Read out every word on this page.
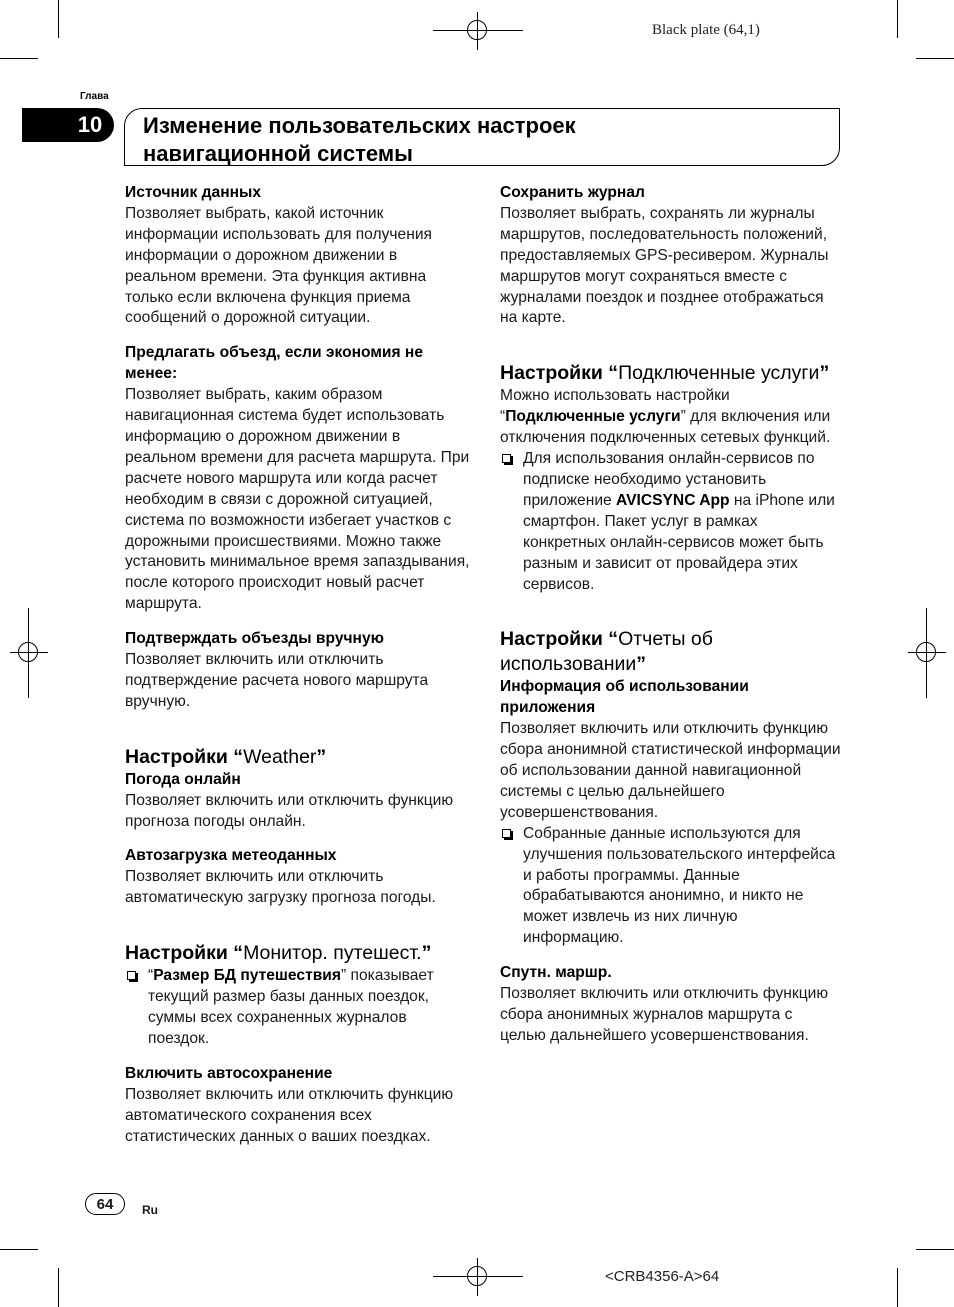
Black plate (64,1)
Глава
10	Изменение пользовательских настроек
навигационной системы

Источник данных

Позволяет выбрать, какой источник информации использовать для получения информации о дорожном движении в реальном времени. Эта функция активна только если включена функция приема сообщений о дорожной ситуации.

Предлагать объезд, если экономия не менее:

Позволяет выбрать, каким образом навигационная система будет использовать информацию о дорожном движении в реальном времени для расчета маршрута. При расчете нового маршрута или когда расчет необходим в связи с дорожной ситуацией, система по возможности избегает участков с дорожными происшествиями. Можно также установить минимальное время запаздывания, после которого происходит новый расчет маршрута.

Подтверждать объезды вручную

Позволяет включить или отключить подтверждение расчета нового маршрута вручную.

Настройки “Weather”

Погода онлайн

Позволяет включить или отключить функцию прогноза погоды онлайн.

Автозагрузка метеоданных

Позволяет включить или отключить автоматическую загрузку прогноза погоды.

Настройки “Монитор. путешест.”

“Размер БД путешествия” показывает текущий размер базы данных поездок, суммы всех сохраненных журналов поездок.

Включить автосохранение

Позволяет включить или отключить функцию автоматического сохранения всех статистических данных о ваших поездках.

Сохранить журнал

Позволяет выбрать, сохранять ли журналы маршрутов, последовательность положений, предоставляемых GPS-ресивером. Журналы маршрутов могут сохраняться вместе с журналами поездок и позднее отображаться на карте.

Настройки “Подключенные услуги”

Можно использовать настройки “Подключенные услуги” для включения или отключения подключенных сетевых функций.

Для использования онлайн-сервисов по подписке необходимо установить приложение AVICSYNC App на iPhone или смартфон. Пакет услуг в рамках конкретных онлайн-сервисов может быть разным и зависит от провайдера этих сервисов.

Настройки “Отчеты об использовании”

Информация об использовании приложения

Позволяет включить или отключить функцию сбора анонимной статистической информации об использовании данной навигационной системы с целью дальнейшего усовершенствования.

Собранные данные используются для улучшения пользовательского интерфейса и работы программы. Данные обрабатываются анонимно, и никто не может извлечь из них личную информацию.

Спутн. маршр.

Позволяет включить или отключить функцию сбора анонимных журналов маршрута с целью дальнейшего усовершенствования.

64	Ru
<CRB4356-A>64
